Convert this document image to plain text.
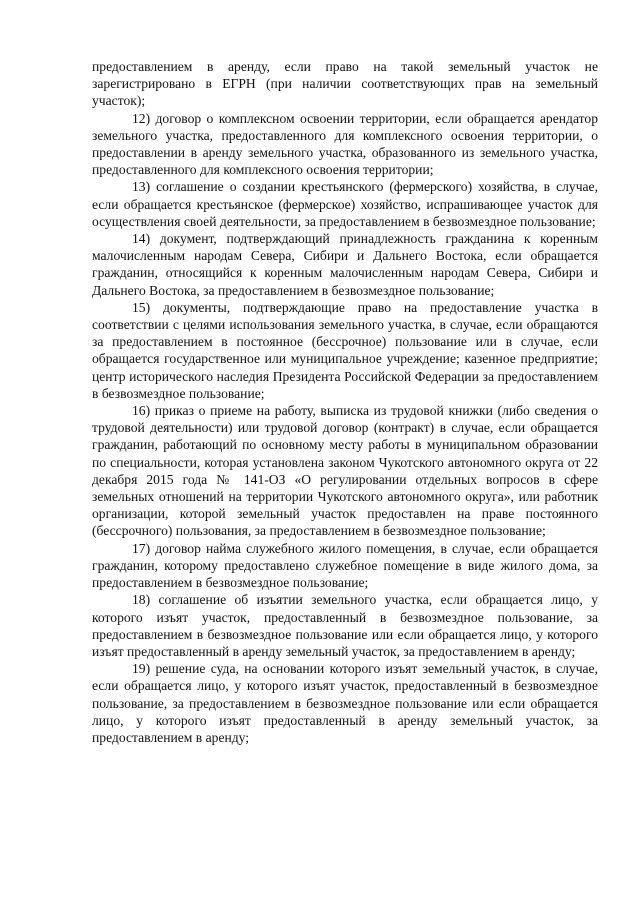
предоставлением в аренду, если право на такой земельный участок не зарегистрировано в ЕГРН (при наличии соответствующих прав на земельный участок);

12) договор о комплексном освоении территории, если обращается арендатор земельного участка, предоставленного для комплексного освоения территории, о предоставлении в аренду земельного участка, образованного из земельного участка, предоставленного для комплексного освоения территории;

13) соглашение о создании крестьянского (фермерского) хозяйства, в случае, если обращается крестьянское (фермерское) хозяйство, испрашивающее участок для осуществления своей деятельности, за предоставлением в безвозмездное пользование;

14) документ, подтверждающий принадлежность гражданина к коренным малочисленным народам Севера, Сибири и Дальнего Востока, если обращается гражданин, относящийся к коренным малочисленным народам Севера, Сибири и Дальнего Востока, за предоставлением в безвозмездное пользование;

15) документы, подтверждающие право на предоставление участка в соответствии с целями использования земельного участка, в случае, если обращаются за предоставлением в постоянное (бессрочное) пользование или в случае, если обращается государственное или муниципальное учреждение; казенное предприятие; центр исторического наследия Президента Российской Федерации за предоставлением в безвозмездное пользование;

16) приказ о приеме на работу, выписка из трудовой книжки (либо сведения о трудовой деятельности) или трудовой договор (контракт) в случае, если обращается гражданин, работающий по основному месту работы в муниципальном образовании по специальности, которая установлена законом Чукотского автономного округа от 22 декабря 2015 года № 141-ОЗ «О регулировании отдельных вопросов в сфере земельных отношений на территории Чукотского автономного округа», или работник организации, которой земельный участок предоставлен на праве постоянного (бессрочного) пользования, за предоставлением в безвозмездное пользование;

17) договор найма служебного жилого помещения, в случае, если обращается гражданин, которому предоставлено служебное помещение в виде жилого дома, за предоставлением в безвозмездное пользование;

18) соглашение об изъятии земельного участка, если обращается лицо, у которого изъят участок, предоставленный в безвозмездное пользование, за предоставлением в безвозмездное пользование или если обращается лицо, у которого изъят предоставленный в аренду земельный участок, за предоставлением в аренду;

19) решение суда, на основании которого изъят земельный участок, в случае, если обращается лицо, у которого изъят участок, предоставленный в безвозмездное пользование, за предоставлением в безвозмездное пользование или если обращается лицо, у которого изъят предоставленный в аренду земельный участок, за предоставлением в аренду;
